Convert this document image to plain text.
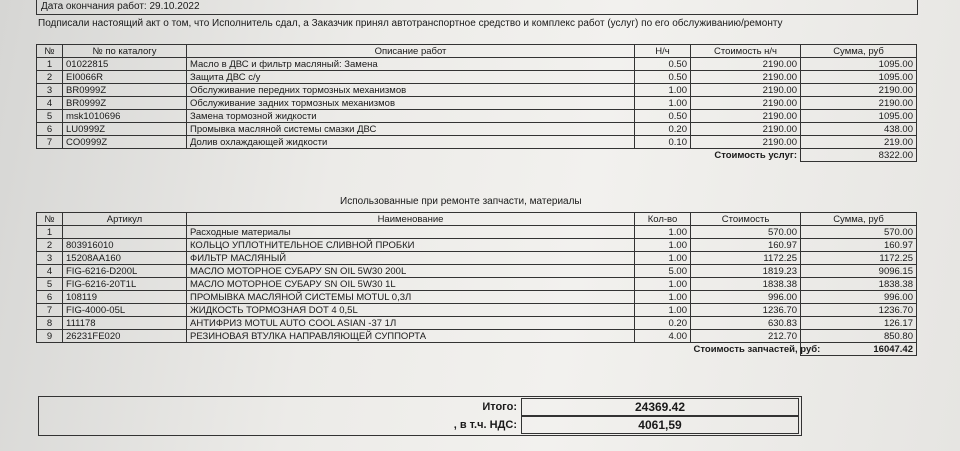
Дата окончания работ: 29.10.2022
Подписали настоящий акт о том, что Исполнитель сдал, а Заказчик принял автотранспортное средство и комплекс работ (услуг) по его обслуживанию/ремонту
№	№ по каталогу	Описание работ	Н/ч	Стоимость н/ч	Сумма, руб
1	01022815	Масло в ДВС и фильтр масляный: Замена	0.50	2190.00	1095.00
2	EI0066R	Защита ДВС с/у	0.50	2190.00	1095.00
3	BR0999Z	Обслуживание передних тормозных механизмов	1.00	2190.00	2190.00
4	BR0999Z	Обслуживание задних тормозных механизмов	1.00	2190.00	2190.00
5	msk1010696	Замена тормозной жидкости	0.50	2190.00	1095.00
6	LU0999Z	Промывка масляной системы смазки ДВС	0.20	2190.00	438.00
7	CO0999Z	Долив охлаждающей жидкости	0.10	2190.00	219.00
				Стоимость услуг:	8322.00
Использованные при ремонте запчасти, материалы
№	Артикул	Наименование	Кол-во	Стоимость	Сумма, руб
1		Расходные материалы	1.00	570.00	570.00
2	803916010	КОЛЬЦО УПЛОТНИТЕЛЬНОЕ СЛИВНОЙ ПРОБКИ	1.00	160.97	160.97
3	15208AA160	ФИЛЬТР МАСЛЯНЫЙ	1.00	1172.25	1172.25
4	FIG-6216-D200L	МАСЛО МОТОРНОЕ СУБАРУ SN OIL 5W30 200L	5.00	1819.23	9096.15
5	FIG-6216-20T1L	МАСЛО МОТОРНОЕ СУБАРУ SN OIL 5W30 1L	1.00	1838.38	1838.38
6	108119	ПРОМЫВКА МАСЛЯНОЙ СИСТЕМЫ MOTUL 0,3Л	1.00	996.00	996.00
7	FIG-4000-05L	ЖИДКОСТЬ ТОРМОЗНАЯ DOT 4 0,5L	1.00	1236.70	1236.70
8	111178	АНТИФРИЗ MOTUL AUTO COOL ASIAN -37 1Л	0.20	630.83	126.17
9	26231FE020	РЕЗИНОВАЯ ВТУЛКА НАПРАВЛЯЮЩЕЙ СУППОРТА	4.00	212.70	850.80
				Стоимость запчастей, руб:	16047.42
Итого:	24369.42
, в т.ч. НДС:	4061,59
